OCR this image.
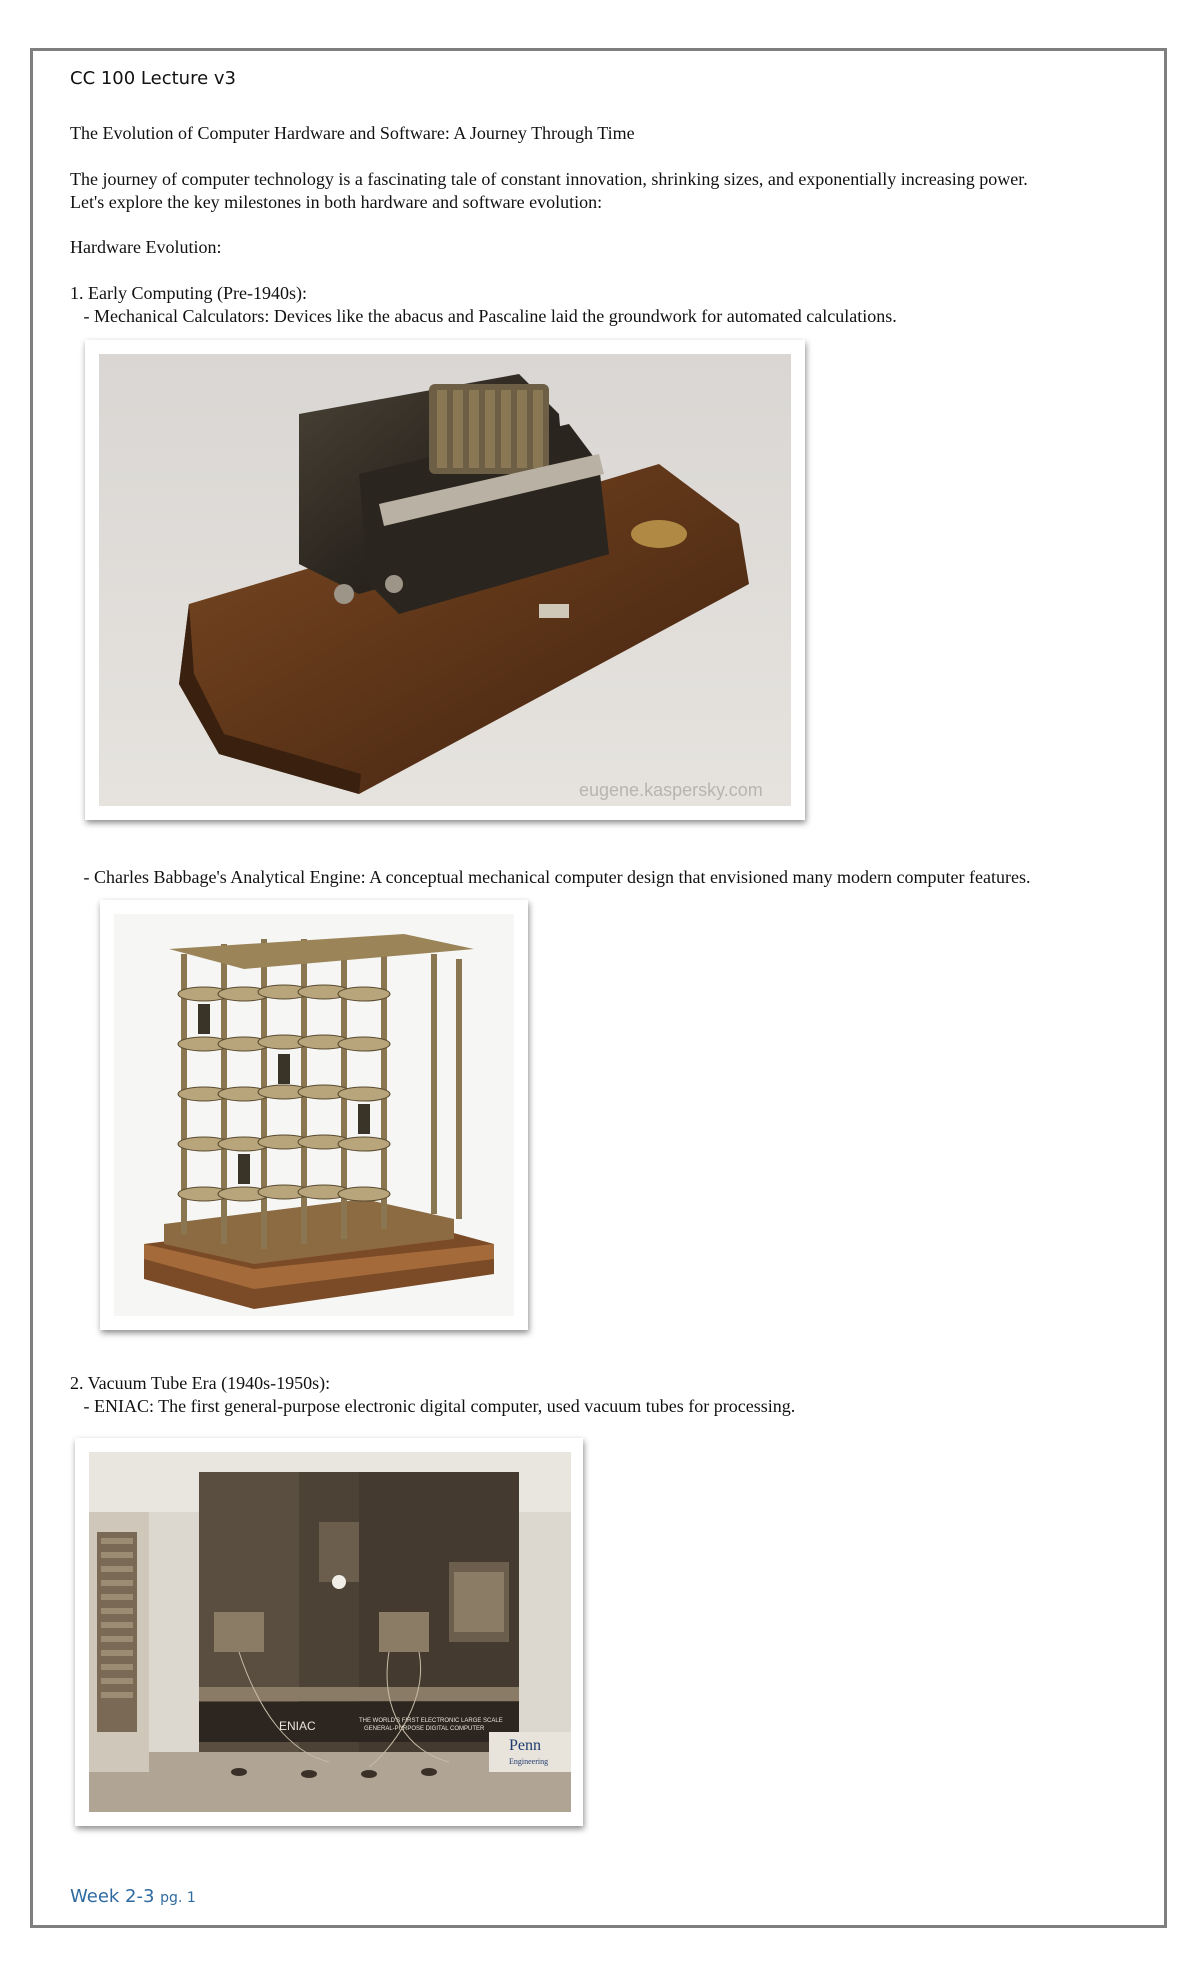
CC 100 Lecture v3
The Evolution of Computer Hardware and Software: A Journey Through Time
The journey of computer technology is a fascinating tale of constant innovation, shrinking sizes, and exponentially increasing power.
Let's explore the key milestones in both hardware and software evolution:
Hardware Evolution:
1. Early Computing (Pre-1940s):
- Mechanical Calculators: Devices like the abacus and Pascaline laid the groundwork for automated calculations.
eugene.kaspersky.com
- Charles Babbage's Analytical Engine: A conceptual mechanical computer design that envisioned many modern computer features.
2. Vacuum Tube Era (1940s-1950s):
- ENIAC: The first general-purpose electronic digital computer, used vacuum tubes for processing.
ENIAC	THE WORLD'S FIRST ELECTRONIC LARGE SCALE
GENERAL-PURPOSE DIGITAL COMPUTER
Penn
Engineering
Week 2-3 pg. 1
